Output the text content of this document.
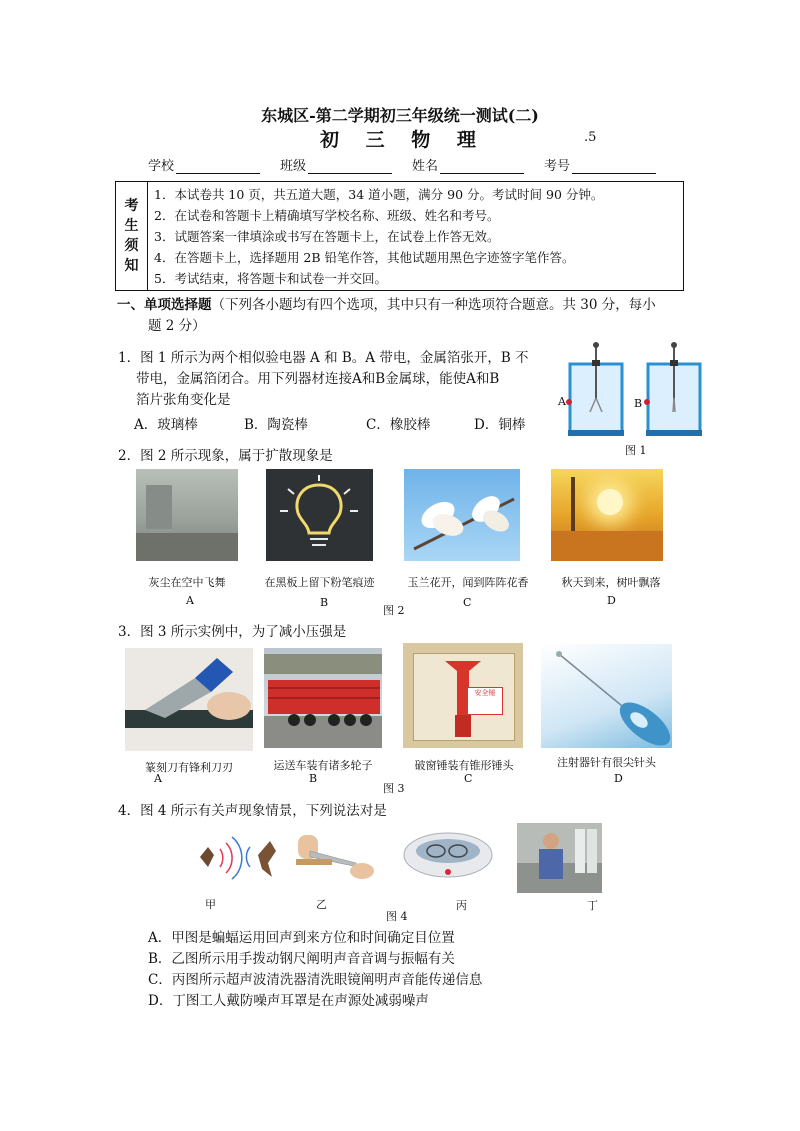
东城区-第二学期初三年级统一测试(二)
初 三 物 理	.5
学校	班级	姓名	考号
考
生
须
知
1．本试卷共 10 页，共五道大题，34 道小题，满分 90 分。考试时间 90 分钟。
2．在试卷和答题卡上精确填写学校名称、班级、姓名和考号。
3．试题答案一律填涂或书写在答题卡上，在试卷上作答无效。
4．在答题卡上，选择题用 2B 铅笔作答，其他试题用黑色字迹签字笔作答。
5．考试结束，将答题卡和试卷一并交回。
一、单项选择题（下列各小题均有四个选项，其中只有一种选项符合题意。共 30 分，每小
题 2 分）
1．图 1 所示为两个相似验电器 A 和 B。A 带电，金属箔张开，B 不
带电，金属箔闭合。用下列器材连接A和B金属球，能使A和B
箔片张角变化是
A．玻璃棒	B．陶瓷棒	C．橡胶棒	D．铜棒
A	B
图 1
2．图 2 所示现象，属于扩散现象是
灰尘在空中飞舞	在黑板上留下粉笔痕迹	玉兰花开，闻到阵阵花香	秋天到来，树叶飘落
A	B
图 2
C	D
3．图 3 所示实例中，为了减小压强是
安全锤
篆刻刀有锋利刀刃	运送车装有诸多轮子	破窗锤装有锥形锤头	注射器针有很尖针头
A	B
图 3
C	D
4．图 4 所示有关声现象情景，下列说法对是
甲	乙
图 4
丙	丁
A．甲图是蝙蝠运用回声到来方位和时间确定目位置
B．乙图所示用手拨动钢尺阐明声音音调与振幅有关
C．丙图所示超声波清洗器清洗眼镜阐明声音能传递信息
D．丁图工人戴防噪声耳罩是在声源处减弱噪声
